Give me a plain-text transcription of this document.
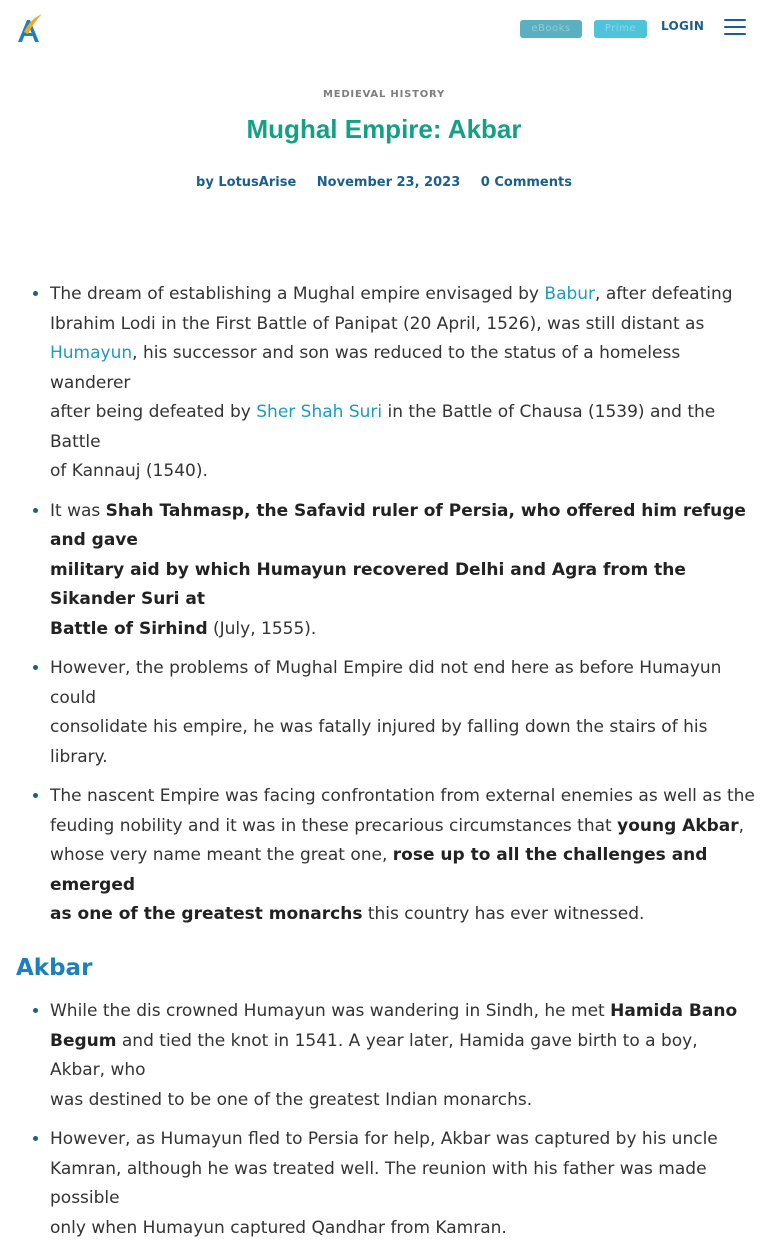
eBooks	Prime	LOGIN
MEDIEVAL HISTORY
Mughal Empire: Akbar
by LotusArise November 23, 2023 0 Comments
• The dream of establishing a Mughal empire envisaged by Babur, after defeating
Ibrahim Lodi in the First Battle of Panipat (20 April, 1526), was still distant as
Humayun, his successor and son was reduced to the status of a homeless wanderer
after being defeated by Sher Shah Suri in the Battle of Chausa (1539) and the Battle
of Kannauj (1540).
• It was Shah Tahmasp, the Safavid ruler of Persia, who offered him refuge and gave
military aid by which Humayun recovered Delhi and Agra from the Sikander Suri at
Battle of Sirhind (July, 1555).
• However, the problems of Mughal Empire did not end here as before Humayun could
consolidate his empire, he was fatally injured by falling down the stairs of his library.
• The nascent Empire was facing confrontation from external enemies as well as the
feuding nobility and it was in these precarious circumstances that young Akbar,
whose very name meant the great one, rose up to all the challenges and emerged
as one of the greatest monarchs this country has ever witnessed.
Akbar
• While the dis crowned Humayun was wandering in Sindh, he met Hamida Bano
Begum and tied the knot in 1541. A year later, Hamida gave birth to a boy, Akbar, who
was destined to be one of the greatest Indian monarchs.
• However, as Humayun fled to Persia for help, Akbar was captured by his uncle
Kamran, although he was treated well. The reunion with his father was made possible
only when Humayun captured Qandhar from Kamran.
